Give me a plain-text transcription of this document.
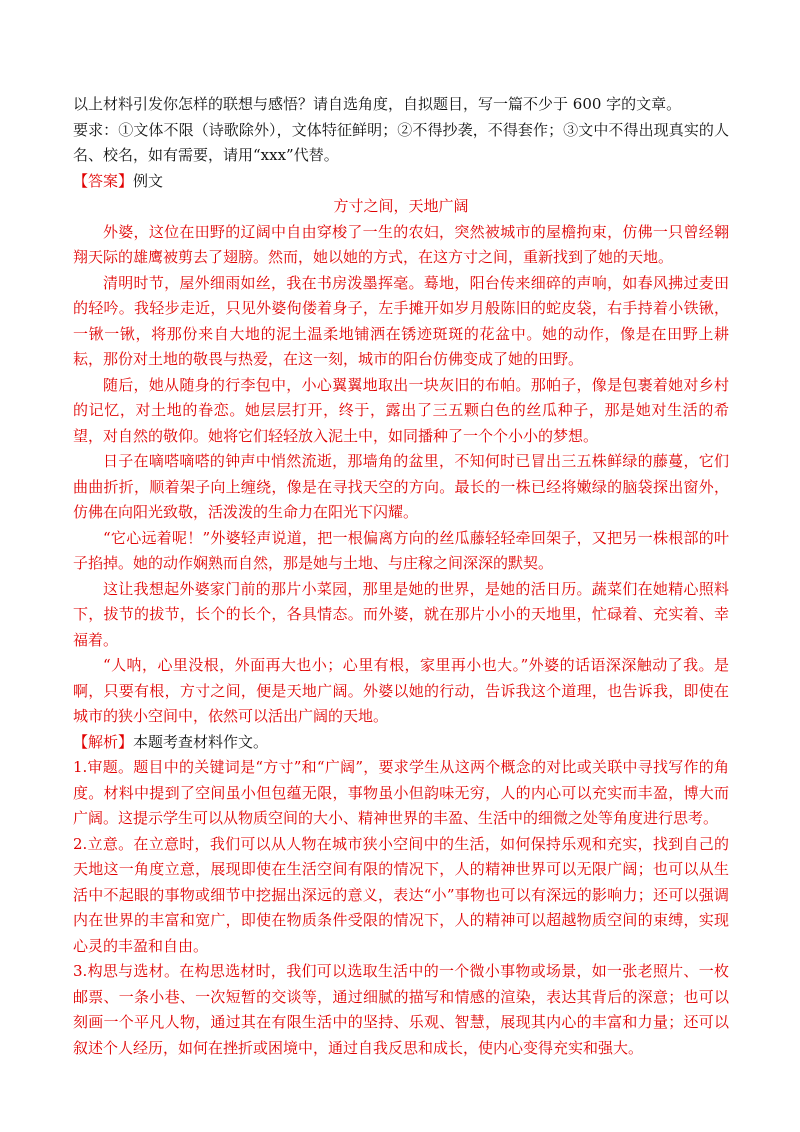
以上材料引发你怎样的联想与感悟？请自选角度，自拟题目，写一篇不少于 600 字的文章。

要求：①文体不限（诗歌除外），文体特征鲜明；②不得抄袭，不得套作；③文中不得出现真实的人名、校名，如有需要，请用“xxx”代替。

【答案】例文

方寸之间，天地广阔

外婆，这位在田野的辽阔中自由穿梭了一生的农妇，突然被城市的屋檐拘束，仿佛一只曾经翱翔天际的雄鹰被剪去了翅膀。然而，她以她的方式，在这方寸之间，重新找到了她的天地。

清明时节，屋外细雨如丝，我在书房泼墨挥毫。蓦地，阳台传来细碎的声响，如春风拂过麦田的轻吟。我轻步走近，只见外婆佝偻着身子，左手摊开如岁月般陈旧的蛇皮袋，右手持着小铁锹，一锹一锹，将那份来自大地的泥土温柔地铺洒在锈迹斑斑的花盆中。她的动作，像是在田野上耕耘，那份对土地的敬畏与热爱，在这一刻，城市的阳台仿佛变成了她的田野。

随后，她从随身的行李包中，小心翼翼地取出一块灰旧的布帕。那帕子，像是包裹着她对乡村的记忆，对土地的眷恋。她层层打开，终于，露出了三五颗白色的丝瓜种子，那是她对生活的希望，对自然的敬仰。她将它们轻轻放入泥土中，如同播种了一个个小小的梦想。

日子在嘀嗒嘀嗒的钟声中悄然流逝，那墙角的盆里，不知何时已冒出三五株鲜绿的藤蔓，它们曲曲折折，顺着架子向上缠绕，像是在寻找天空的方向。最长的一株已经将嫩绿的脑袋探出窗外，仿佛在向阳光致敬，活泼泼的生命力在阳光下闪耀。

“它心远着呢！”外婆轻声说道，把一根偏离方向的丝瓜藤轻轻牵回架子，又把另一株根部的叶子掐掉。她的动作娴熟而自然，那是她与土地、与庄稼之间深深的默契。

这让我想起外婆家门前的那片小菜园，那里是她的世界，是她的活日历。蔬菜们在她精心照料下，拔节的拔节，长个的长个，各具情态。而外婆，就在那片小小的天地里，忙碌着、充实着、幸福着。

“人呐，心里没根，外面再大也小；心里有根，家里再小也大。”外婆的话语深深触动了我。是啊，只要有根，方寸之间，便是天地广阔。外婆以她的行动，告诉我这个道理，也告诉我，即使在城市的狭小空间中，依然可以活出广阔的天地。

【解析】本题考查材料作文。

1.审题。题目中的关键词是“方寸”和“广阔”，要求学生从这两个概念的对比或关联中寻找写作的角度。材料中提到了空间虽小但包蕴无限，事物虽小但韵味无穷，人的内心可以充实而丰盈，博大而广阔。这提示学生可以从物质空间的大小、精神世界的丰盈、生活中的细微之处等角度进行思考。

2.立意。在立意时，我们可以从人物在城市狭小空间中的生活，如何保持乐观和充实，找到自己的天地这一角度立意，展现即使在生活空间有限的情况下，人的精神世界可以无限广阔；也可以从生活中不起眼的事物或细节中挖掘出深远的意义，表达“小”事物也可以有深远的影响力；还可以强调内在世界的丰富和宽广，即使在物质条件受限的情况下，人的精神可以超越物质空间的束缚，实现心灵的丰盈和自由。

3.构思与选材。在构思选材时，我们可以选取生活中的一个微小事物或场景，如一张老照片、一枚邮票、一条小巷、一次短暂的交谈等，通过细腻的描写和情感的渲染，表达其背后的深意；也可以刻画一个平凡人物，通过其在有限生活中的坚持、乐观、智慧，展现其内心的丰富和力量；还可以叙述个人经历，如何在挫折或困境中，通过自我反思和成长，使内心变得充实和强大。
